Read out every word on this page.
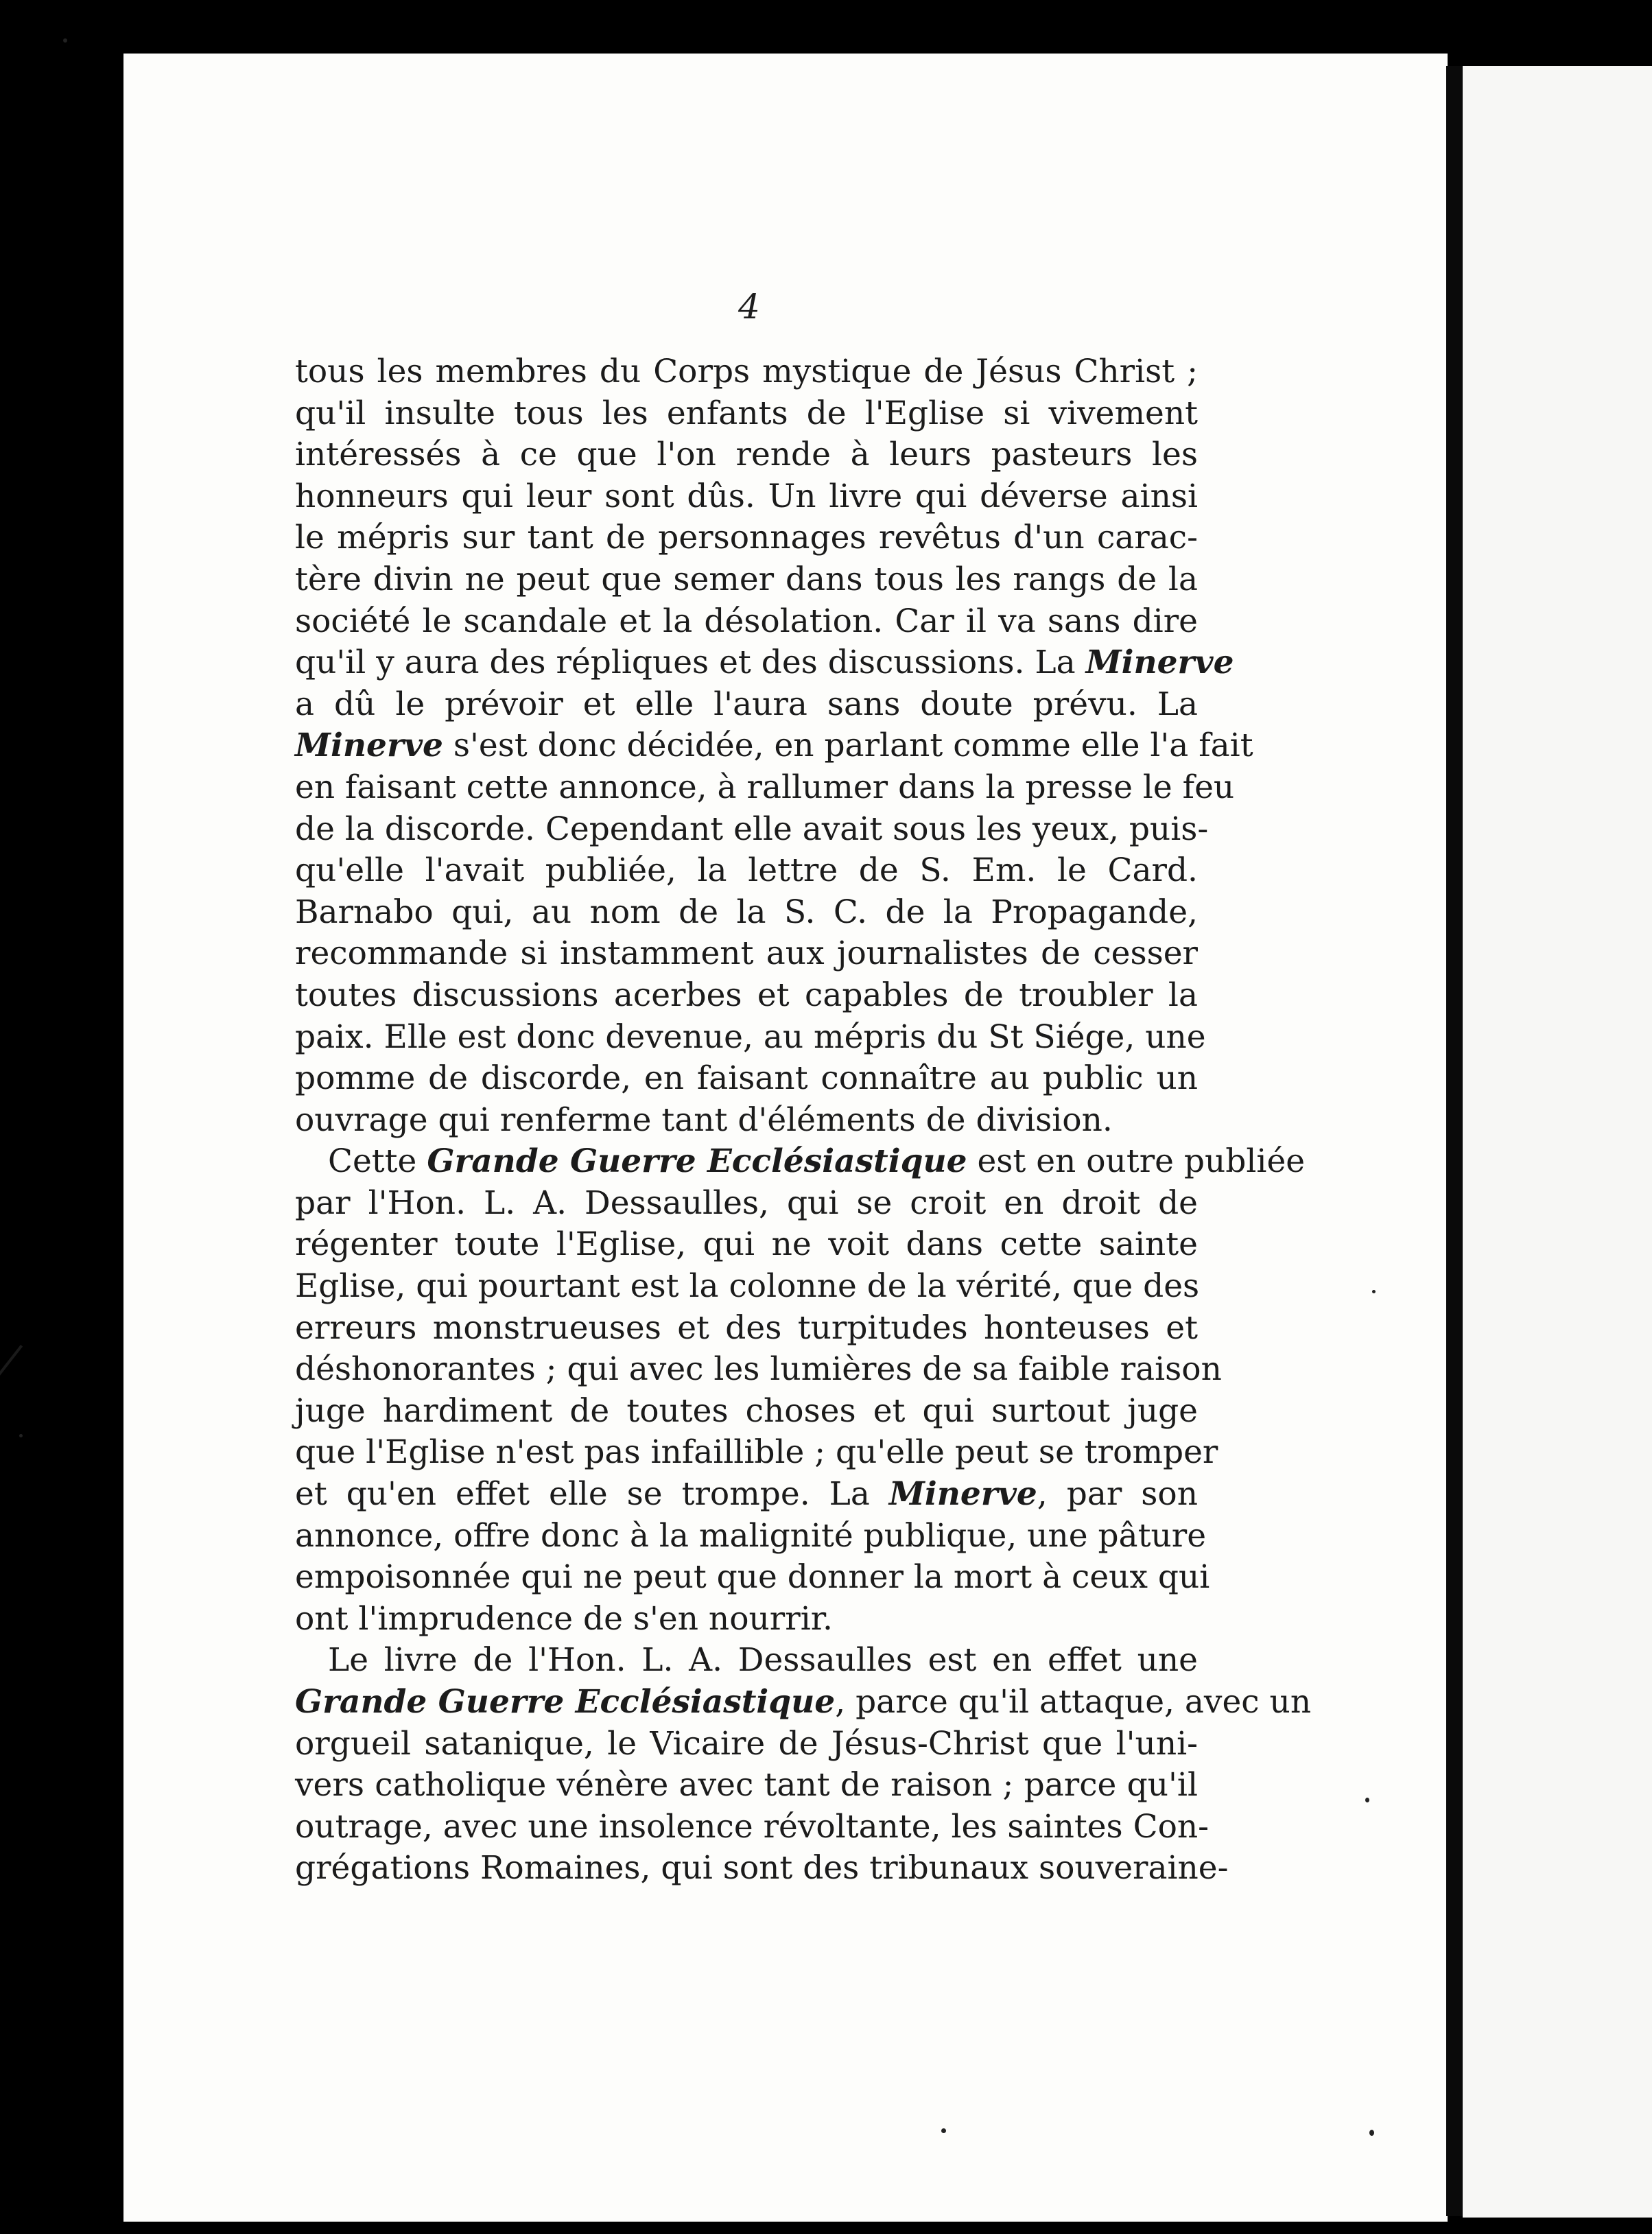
4

tous les membres du Corps mystique de Jésus Christ ;
qu'il insulte tous les enfants de l'Eglise si vivement
intéressés à ce que l'on rende à leurs pasteurs les
honneurs qui leur sont dûs. Un livre qui déverse ainsi
le mépris sur tant de personnages revêtus d'un carac-
tère divin ne peut que semer dans tous les rangs de la
société le scandale et la désolation. Car il va sans dire
qu'il y aura des répliques et des discussions. La Minerve
a dû le prévoir et elle l'aura sans doute prévu. La
Minerve s'est donc décidée, en parlant comme elle l'a fait
en faisant cette annonce, à rallumer dans la presse le feu
de la discorde. Cependant elle avait sous les yeux, puis-
qu'elle l'avait publiée, la lettre de S. Em. le Card.
Barnabo qui, au nom de la S. C. de la Propagande,
recommande si instamment aux journalistes de cesser
toutes discussions acerbes et capables de troubler la
paix. Elle est donc devenue, au mépris du St Siége, une
pomme de discorde, en faisant connaître au public un
ouvrage qui renferme tant d'éléments de division.
Cette Grande Guerre Ecclésiastique est en outre publiée
par l'Hon. L. A. Dessaulles, qui se croit en droit de
régenter toute l'Eglise, qui ne voit dans cette sainte
Eglise, qui pourtant est la colonne de la vérité, que des
erreurs monstrueuses et des turpitudes honteuses et
déshonorantes ; qui avec les lumières de sa faible raison
juge hardiment de toutes choses et qui surtout juge
que l'Eglise n'est pas infaillible ; qu'elle peut se tromper
et qu'en effet elle se trompe. La Minerve, par son
annonce, offre donc à la malignité publique, une pâture
empoisonnée qui ne peut que donner la mort à ceux qui
ont l'imprudence de s'en nourrir.
Le livre de l'Hon. L. A. Dessaulles est en effet une
Grande Guerre Ecclésiastique, parce qu'il attaque, avec un
orgueil satanique, le Vicaire de Jésus-Christ que l'uni-
vers catholique vénère avec tant de raison ; parce qu'il
outrage, avec une insolence révoltante, les saintes Con-
grégations Romaines, qui sont des tribunaux souveraine-
